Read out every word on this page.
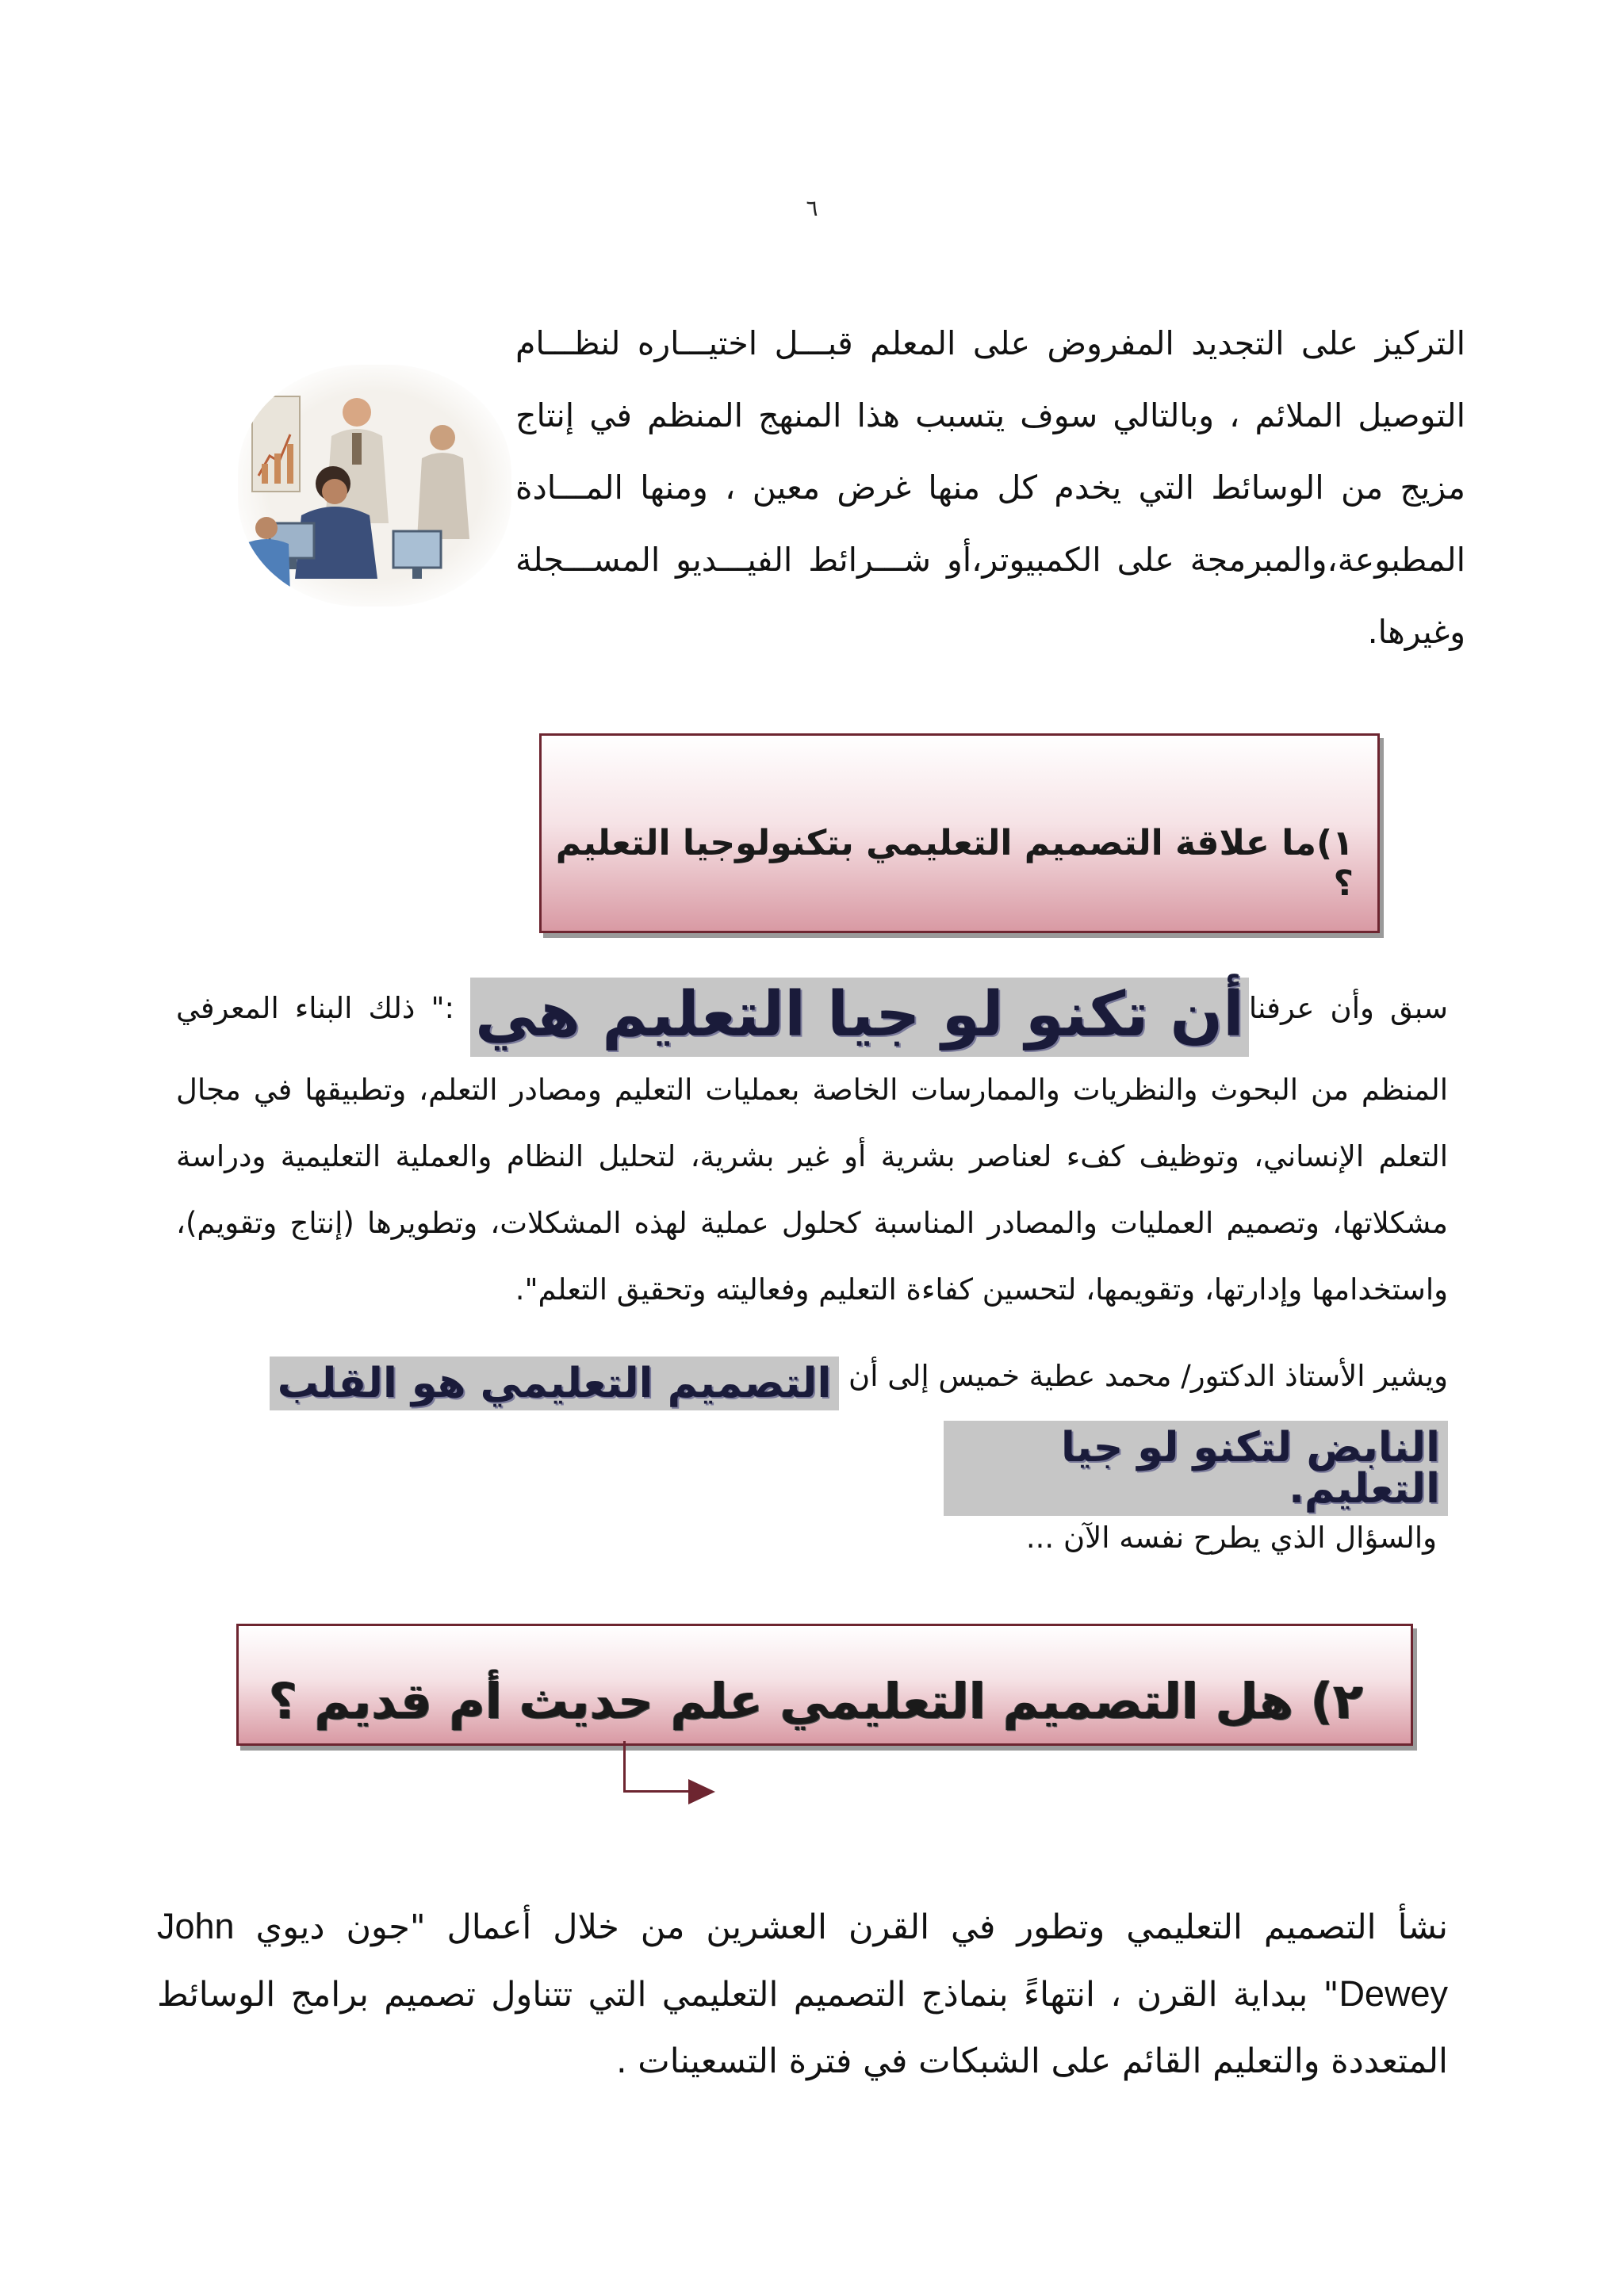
٦
التركيز على التجديد المفروض على المعلم قبـــل اختيـــاره لنظـــام التوصيل الملائم ، وبالتالي سوف يتسبب هذا المنهج المنظم في إنتاج مزيج من الوسائط التي يخدم كل منها غرض معين ، ومنها المـــادة المطبوعة،والمبرمجة على الكمبيوتر،أو شـــرائط الفيـــديو المســـجلة وغيرها.
١)ما علاقة التصميم التعليمي بتكنولوجيا التعليم ؟
سبق وأن عرفناأن تكنو لو جيا التعليم هي :" ذلك البناء المعرفي المنظم من البحوث والنظريات والممارسات الخاصة بعمليات التعليم ومصادر التعلم، وتطبيقها في مجال التعلم الإنساني، وتوظيف كفء لعناصر بشرية أو غير بشرية، لتحليل النظام والعملية التعليمية ودراسة مشكلاتها، وتصميم العمليات والمصادر المناسبة كحلول عملية لهذه المشكلات، وتطويرها (إنتاج وتقويم)، واستخدامها وإدارتها، وتقويمها، لتحسين كفاءة التعليم وفعاليته وتحقيق التعلم".
ويشير الأستاذ الدكتور/ محمد عطية خميس إلى أن التصميم التعليمي هو القلب
النابض لتكنو لو جيا التعليم.
والسؤال الذي يطرح نفسه الآن ...
٢) هل التصميم التعليمي علم حديث أم قديم ؟
نشأ التصميم التعليمي وتطور في القرن العشرين من خلال أعمال "جون ديوي John Dewey" ببداية القرن ، انتهاءً بنماذج التصميم التعليمي التي تتناول تصميم برامج الوسائط المتعددة والتعليم القائم على الشبكات في فترة التسعينات .
